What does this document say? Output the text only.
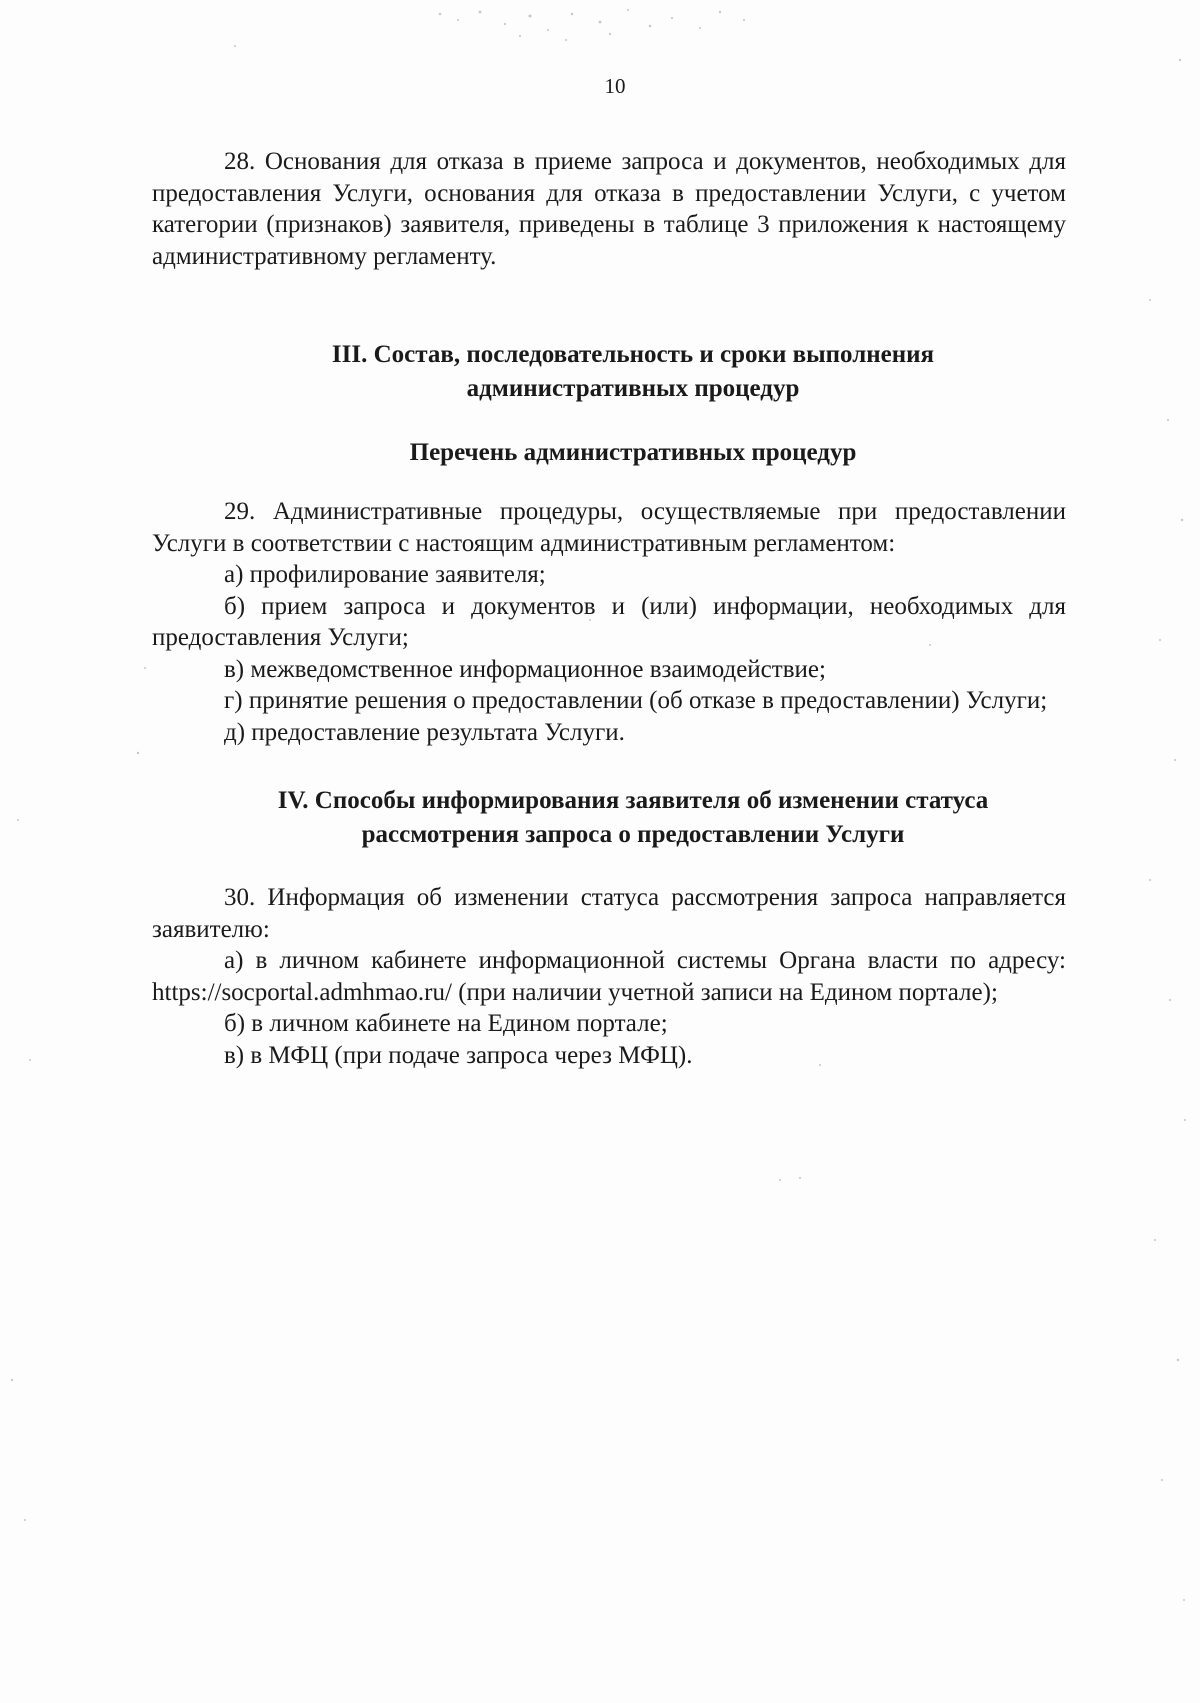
10

28. Основания для отказа в приеме запроса и документов, необходимых для предоставления Услуги, основания для отказа в предоставлении Услуги, с учетом категории (признаков) заявителя, приведены в таблице 3 приложения к настоящему административному регламенту.

III. Состав, последовательность и сроки выполнения
административных процедур
Перечень административных процедур

29. Административные процедуры, осуществляемые при предоставлении Услуги в соответствии с настоящим административным регламентом:

а) профилирование заявителя;

б) прием запроса и документов и (или) информации, необходимых для предоставления Услуги;

в) межведомственное информационное взаимодействие;

г) принятие решения о предоставлении (об отказе в предоставлении) Услуги;

д) предоставление результата Услуги.

IV. Способы информирования заявителя об изменении статуса
рассмотрения запроса о предоставлении Услуги

30. Информация об изменении статуса рассмотрения запроса направляется заявителю:

а) в личном кабинете информационной системы Органа власти по адресу: https://socportal.admhmao.ru/ (при наличии учетной записи на Едином портале);

б) в личном кабинете на Едином портале;

в) в МФЦ (при подаче запроса через МФЦ).
